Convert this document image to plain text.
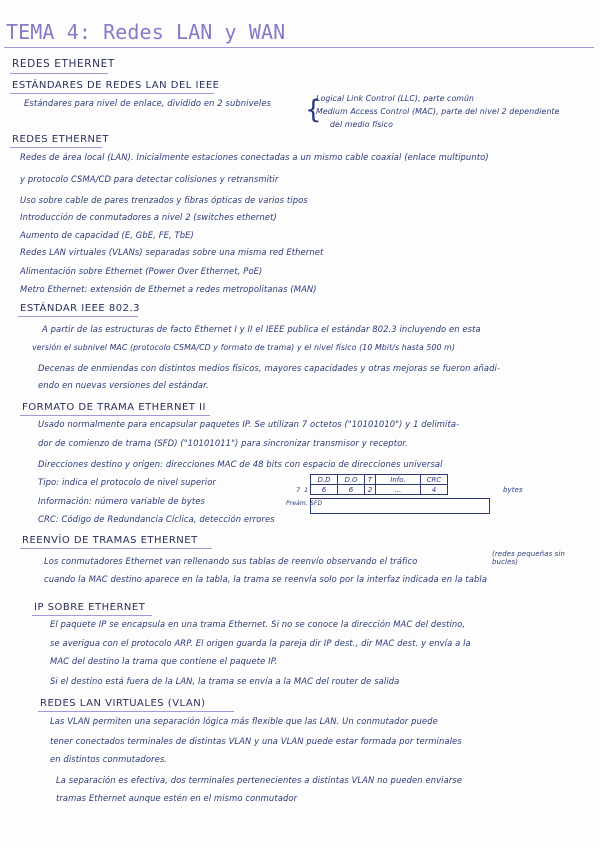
TEMA 4: Redes LAN y WAN
REDES ETHERNET
ESTÁNDARES DE REDES LAN DEL IEEE
Estándares para nivel de enlace, dividido en 2 subniveles {
Logical Link Control (LLC), parte común
Medium Access Control (MAC), parte del nivel 2 dependiente
del medio físico
REDES ETHERNET
Redes de área local (LAN). Inicialmente estaciones conectadas a un mismo cable coaxial (enlace multipunto)
y protocolo CSMA/CD para detectar colisiones y retransmitir
Uso sobre cable de pares trenzados y fibras ópticas de varios tipos
Introducción de conmutadores a nivel 2 (switches ethernet)
Aumento de capacidad (E, GbE, FE, TbE)
Redes LAN virtuales (VLANs) separadas sobre una misma red Ethernet
Alimentación sobre Ethernet (Power Over Ethernet, PoE)
Metro Ethernet: extensión de Ethernet a redes metropolitanas (MAN)
ESTÁNDAR IEEE 802.3
A partir de las estructuras de facto Ethernet I y II el IEEE publica el estándar 802.3 incluyendo en esta
versión el subnivel MAC (protocolo CSMA/CD y formato de trama) y el nivel físico (10 Mbit/s hasta 500 m)
Decenas de enmiendas con distintos medios físicos, mayores capacidades y otras mejoras se fueron añadi-
endo en nuevas versiones del estándar.
FORMATO DE TRAMA ETHERNET II
Usado normalmente para encapsular paquetes IP. Se utilizan 7 octetos ("10101010") y 1 delimita-
dor de comienzo de trama (SFD) ("10101011") para sincronizar transmisor y receptor.
Direcciones destino y origen: direcciones MAC de 48 bits con espacio de direcciones universal
Tipo: indica el protocolo de nivel superior
Información: número variable de bytes
CRC: Código de Redundancia Cíclica, detección errores
D.D	D.O	T	Info.	CRC
6	6	2	...	4
7 1
Preám. SFD
bytes
REENVÍO DE TRAMAS ETHERNET
Los conmutadores Ethernet van rellenando sus tablas de reenvío observando el tráfico
(redes pequeñas sin bucles)
cuando la MAC destino aparece en la tabla, la trama se reenvía solo por la interfaz indicada en la tabla
IP SOBRE ETHERNET
El paquete IP se encapsula en una trama Ethernet. Si no se conoce la dirección MAC del destino,
se averigua con el protocolo ARP. El origen guarda la pareja dir IP dest., dir MAC dest. y envía a la
MAC del destino la trama que contiene el paquete IP.
Si el destino está fuera de la LAN, la trama se envía a la MAC del router de salida
REDES LAN VIRTUALES (VLAN)
Las VLAN permiten una separación lógica más flexible que las LAN. Un conmutador puede
tener conectados terminales de distintas VLAN y una VLAN puede estar formada por terminales
en distintos conmutadores.
La separación es efectiva, dos terminales pertenecientes a distintas VLAN no pueden enviarse
tramas Ethernet aunque estén en el mismo conmutador
